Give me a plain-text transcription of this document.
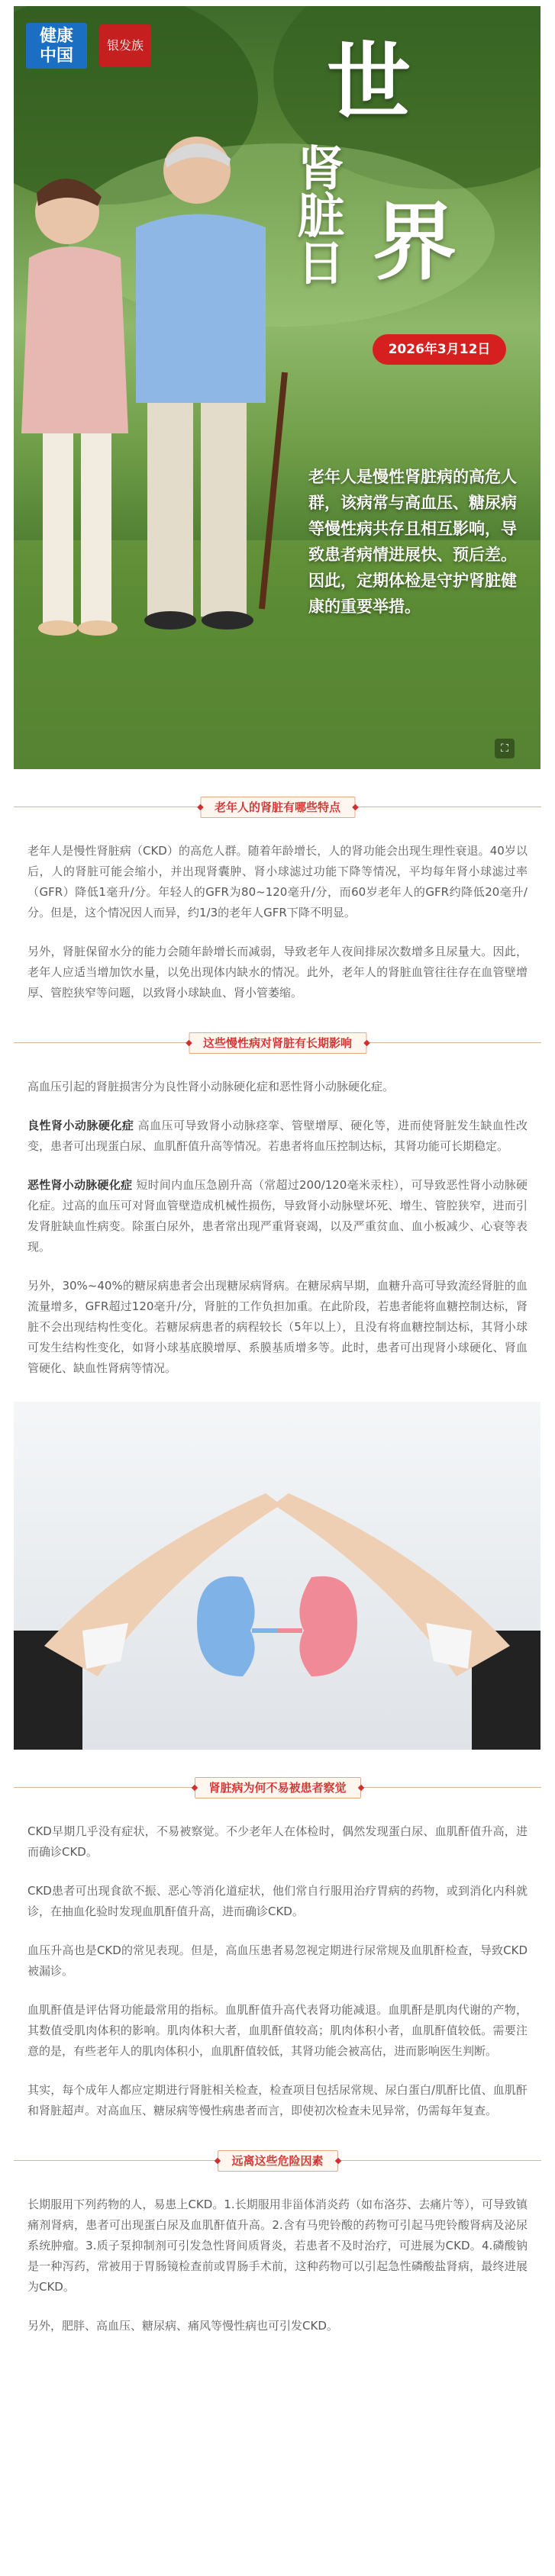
健康
中国
银发族 世
界
肾脏日
2026年3月12日
老年人是慢性肾脏病的高危人群，该病常与高血压、糖尿病等慢性病共存且相互影响，导致患者病情进展快、预后差。因此，定期体检是守护肾脏健康的重要举措。
⛶
老年人的肾脏有哪些特点

老年人是慢性肾脏病（CKD）的高危人群。随着年龄增长，人的肾功能会出现生理性衰退。40岁以后，人的肾脏可能会缩小，并出现肾囊肿、肾小球滤过功能下降等情况，平均每年肾小球滤过率（GFR）降低1毫升/分。年轻人的GFR为80~120毫升/分，而60岁老年人的GFR约降低20毫升/分。但是，这个情况因人而异，约1/3的老年人GFR下降不明显。

另外，肾脏保留水分的能力会随年龄增长而减弱，导致老年人夜间排尿次数增多且尿量大。因此，老年人应适当增加饮水量，以免出现体内缺水的情况。此外，老年人的肾脏血管往往存在血管壁增厚、管腔狭窄等问题，以致肾小球缺血、肾小管萎缩。

这些慢性病对肾脏有长期影响

高血压引起的肾脏损害分为良性肾小动脉硬化症和恶性肾小动脉硬化症。

良性肾小动脉硬化症 高血压可导致肾小动脉痉挛、管壁增厚、硬化等，进而使肾脏发生缺血性改变，患者可出现蛋白尿、血肌酐值升高等情况。若患者将血压控制达标，其肾功能可长期稳定。

恶性肾小动脉硬化症 短时间内血压急剧升高（常超过200/120毫米汞柱），可导致恶性肾小动脉硬化症。过高的血压可对肾血管壁造成机械性损伤，导致肾小动脉壁坏死、增生、管腔狭窄，进而引发肾脏缺血性病变。除蛋白尿外，患者常出现严重肾衰竭，以及严重贫血、血小板减少、心衰等表现。

另外，30%~40%的糖尿病患者会出现糖尿病肾病。在糖尿病早期，血糖升高可导致流经肾脏的血流量增多，GFR超过120毫升/分，肾脏的工作负担加重。在此阶段，若患者能将血糖控制达标，肾脏不会出现结构性变化。若糖尿病患者的病程较长（5年以上），且没有将血糖控制达标，其肾小球可发生结构性变化，如肾小球基底膜增厚、系膜基质增多等。此时，患者可出现肾小球硬化、肾血管硬化、缺血性肾病等情况。

肾脏病为何不易被患者察觉

CKD早期几乎没有症状，不易被察觉。不少老年人在体检时，偶然发现蛋白尿、血肌酐值升高，进而确诊CKD。

CKD患者可出现食欲不振、恶心等消化道症状，他们常自行服用治疗胃病的药物，或到消化内科就诊，在抽血化验时发现血肌酐值升高，进而确诊CKD。

血压升高也是CKD的常见表现。但是，高血压患者易忽视定期进行尿常规及血肌酐检查，导致CKD被漏诊。

血肌酐值是评估肾功能最常用的指标。血肌酐值升高代表肾功能减退。血肌酐是肌肉代谢的产物，其数值受肌肉体积的影响。肌肉体积大者，血肌酐值较高；肌肉体积小者，血肌酐值较低。需要注意的是，有些老年人的肌肉体积小，血肌酐值较低，其肾功能会被高估，进而影响医生判断。

其实，每个成年人都应定期进行肾脏相关检查，检查项目包括尿常规、尿白蛋白/肌酐比值、血肌酐和肾脏超声。对高血压、糖尿病等慢性病患者而言，即使初次检查未见异常，仍需每年复查。

远离这些危险因素

长期服用下列药物的人，易患上CKD。1.长期服用非甾体消炎药（如布洛芬、去痛片等），可导致镇痛剂肾病，患者可出现蛋白尿及血肌酐值升高。2.含有马兜铃酸的药物可引起马兜铃酸肾病及泌尿系统肿瘤。3.质子泵抑制剂可引发急性肾间质肾炎，若患者不及时治疗，可进展为CKD。4.磷酸钠是一种泻药，常被用于胃肠镜检查前或胃肠手术前，这种药物可以引起急性磷酸盐肾病，最终进展为CKD。

另外，肥胖、高血压、糖尿病、痛风等慢性病也可引发CKD。
